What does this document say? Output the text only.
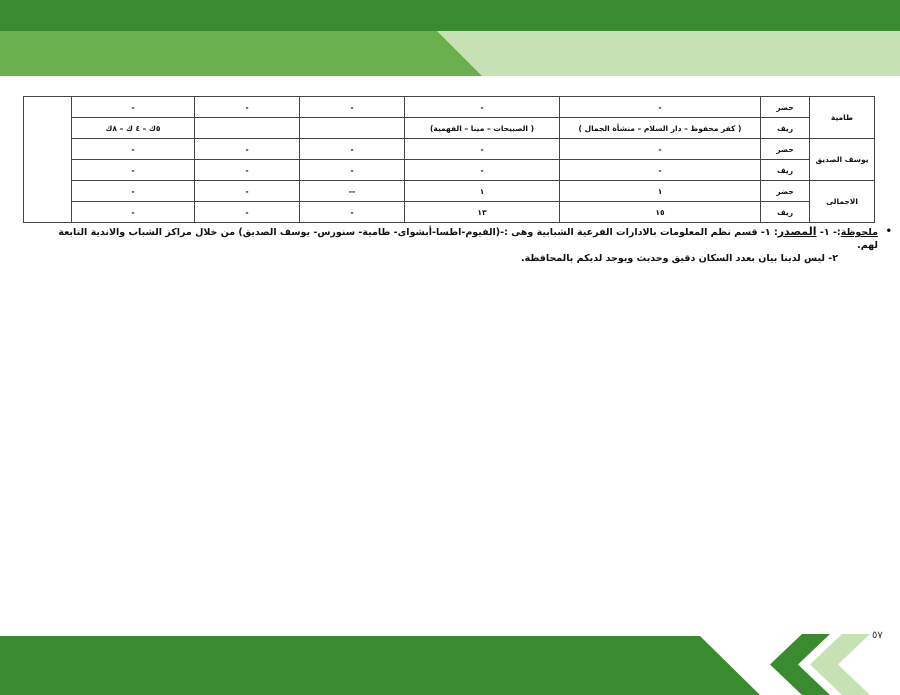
طامية	حضر	-	-	-	-	-	
	ريف	( كفر محفوظ – دار السلام – منشأة الجمال )	( الصبيحات – مينا – الفهمية)			٥ك – ٤ ك – ٨ك	
يوسف الصديق	حضر	-	-	-	-	-	
	ريف	-	-	-	-	-	
الاجمالى	حضر	١	١	--	-	-	
	ريف	١٥	١٣	-	-	-	
•
ملحوظة:- ١- المصدر: ١- قسم نظم المعلومات بالادارات الفرعية الشبابية وهى :-(الفيوم-اطسا-أبشواى- طامية- سنورس- يوسف الصديق) من خلال مراكز الشباب والاندية التابعة لهم.
٢- ليس لدينا بيان بعدد السكان دقيق وحديث ويوجد لديكم بالمحافظة.
٥٧
